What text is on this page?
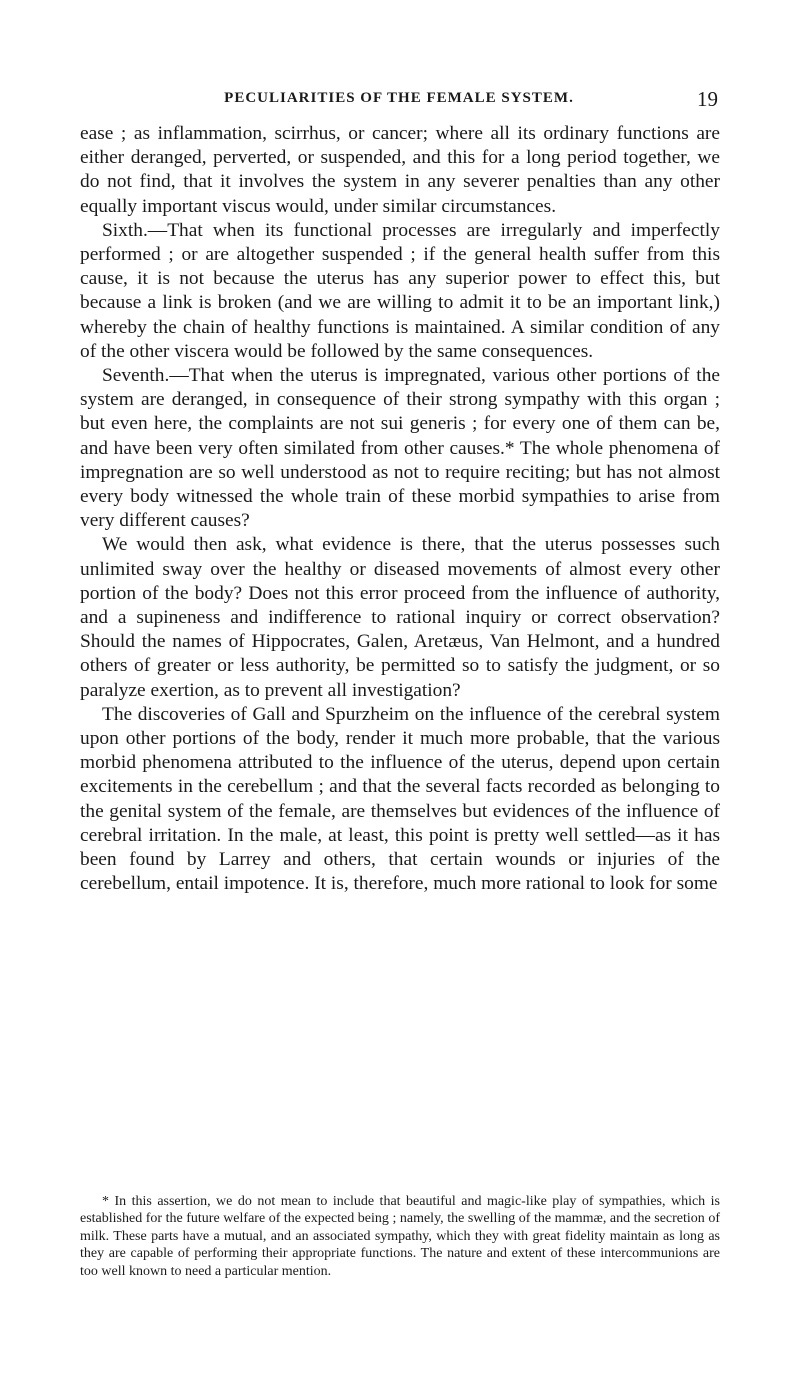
PECULIARITIES OF THE FEMALE SYSTEM.	19

ease ; as inflammation, scirrhus, or cancer; where all its ordinary functions are either deranged, perverted, or suspended, and this for a long period together, we do not find, that it involves the system in any severer penalties than any other equally important viscus would, under similar circumstances.

Sixth.—That when its functional processes are irregularly and imperfectly performed ; or are altogether suspended ; if the general health suffer from this cause, it is not because the uterus has any superior power to effect this, but because a link is broken (and we are willing to admit it to be an important link,) whereby the chain of healthy functions is maintained. A similar condition of any of the other viscera would be followed by the same consequences.

Seventh.—That when the uterus is impregnated, various other portions of the system are deranged, in consequence of their strong sympathy with this organ ; but even here, the complaints are not sui generis ; for every one of them can be, and have been very often similated from other causes.* The whole phenomena of impregnation are so well understood as not to require reciting; but has not almost every body witnessed the whole train of these morbid sympathies to arise from very different causes?

We would then ask, what evidence is there, that the uterus possesses such unlimited sway over the healthy or diseased movements of almost every other portion of the body? Does not this error proceed from the influence of authority, and a supineness and indifference to rational inquiry or correct observation? Should the names of Hippocrates, Galen, Aretæus, Van Helmont, and a hundred others of greater or less authority, be permitted so to satisfy the judgment, or so paralyze exertion, as to prevent all investigation?

The discoveries of Gall and Spurzheim on the influence of the cerebral system upon other portions of the body, render it much more probable, that the various morbid phenomena attributed to the influence of the uterus, depend upon certain excitements in the cerebellum ; and that the several facts recorded as belonging to the genital system of the female, are themselves but evidences of the influence of cerebral irritation. In the male, at least, this point is pretty well settled—as it has been found by Larrey and others, that certain wounds or injuries of the cerebellum, entail impotence. It is, therefore, much more rational to look for some

* In this assertion, we do not mean to include that beautiful and magic-like play of sympathies, which is established for the future welfare of the expected being ; namely, the swelling of the mammæ, and the secretion of milk. These parts have a mutual, and an associated sympathy, which they with great fidelity maintain as long as they are capable of performing their appropriate functions. The nature and extent of these intercommunions are too well known to need a particular mention.
